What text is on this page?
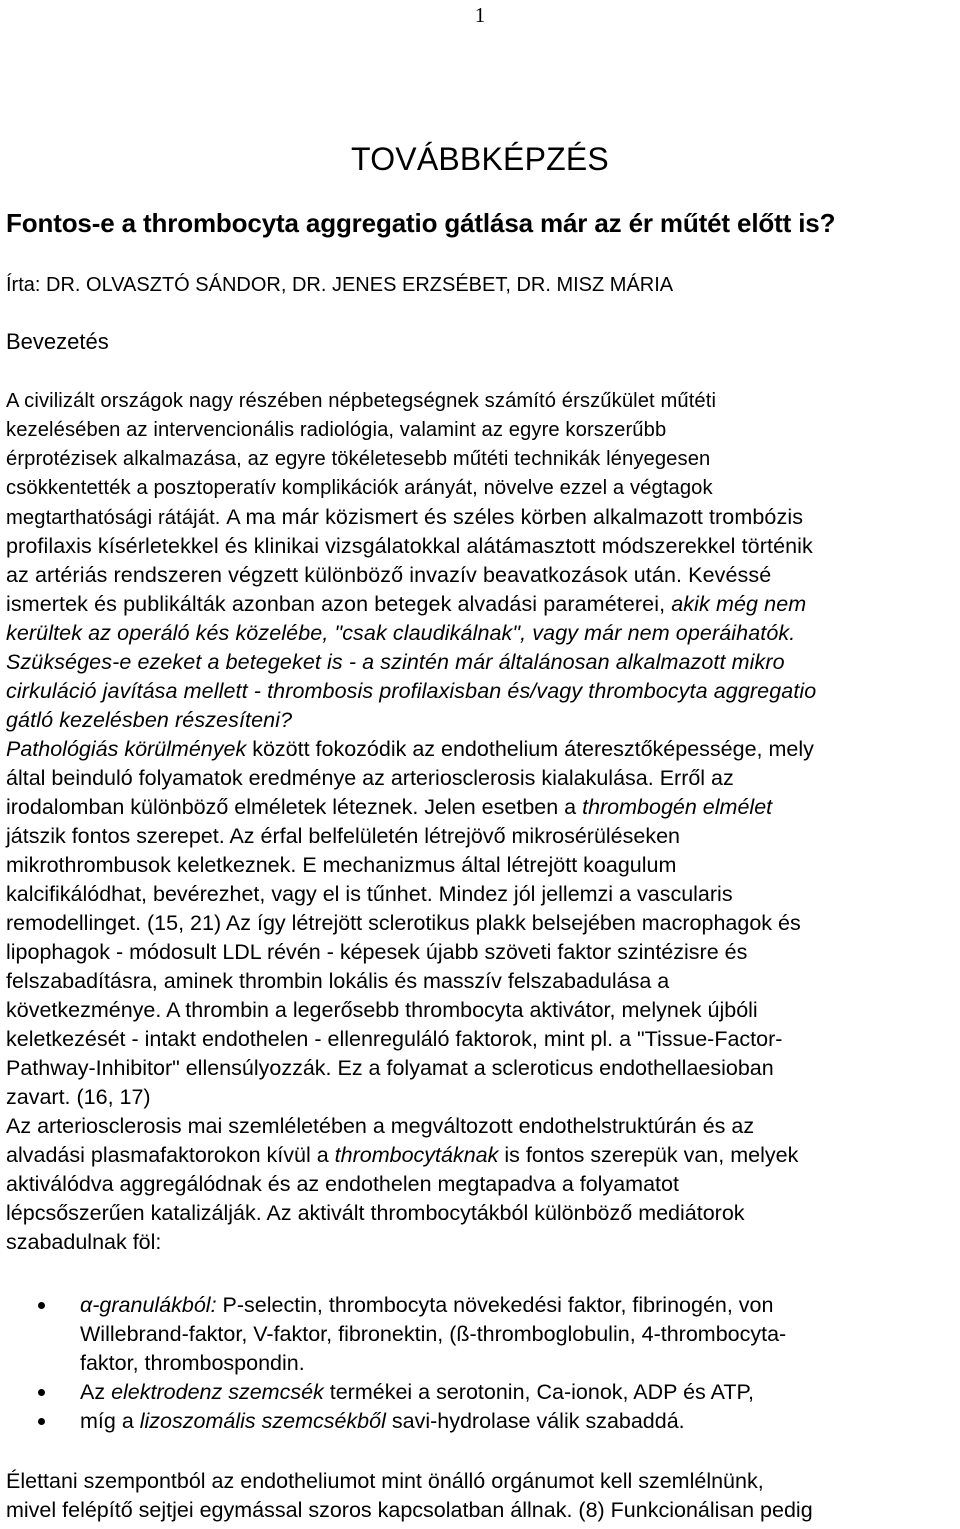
1
TOVÁBBKÉPZÉS
Fontos-e a thrombocyta aggregatio gátlása már az ér műtét előtt is?
Írta: DR. OLVASZTÓ SÁNDOR, DR. JENES ERZSÉBET, DR. MISZ MÁRIA
Bevezetés
A civilizált országok nagy részében népbetegségnek számító érszűkület műtéti
kezelésében az intervencionális radiológia, valamint az egyre korszerűbb
érprotézisek alkalmazása, az egyre tökéletesebb műtéti technikák lényegesen
csökkentették a posztoperatív komplikációk arányát, növelve ezzel a végtagok
megtarthatósági rátáját. A ma már közismert és széles körben alkalmazott trombózis
profilaxis kísérletekkel és klinikai vizsgálatokkal alátámasztott módszerekkel történik
az artériás rendszeren végzett különböző invazív beavatkozások után. Kevéssé
ismertek és publikálták azonban azon betegek alvadási paraméterei, akik még nem
kerültek az operáló kés közelébe, "csak claudikálnak", vagy már nem operáihatók.
Szükséges-e ezeket a betegeket is - a szintén már általánosan alkalmazott mikro
cirkuláció javítása mellett - thrombosis profilaxisban és/vagy thrombocyta aggregatio
gátló kezelésben részesíteni?
Pathológiás körülmények között fokozódik az endothelium áteresztőképessége, mely
által beinduló folyamatok eredménye az arteriosclerosis kialakulása. Erről az
irodalomban különböző elméletek léteznek. Jelen esetben a thrombogén elmélet
játszik fontos szerepet. Az érfal belfelületén létrejövő mikrosérüléseken
mikrothrombusok keletkeznek. E mechanizmus által létrejött koagulum
kalcifikálódhat, bevérezhet, vagy el is tűnhet. Mindez jól jellemzi a vascularis
remodellinget. (15, 21) Az így létrejött sclerotikus plakk belsejében macrophagok és
lipophagok - módosult LDL révén - képesek újabb szöveti faktor szintézisre és
felszabadításra, aminek thrombin lokális és masszív felszabadulása a
következménye. A thrombin a legerősebb thrombocyta aktivátor, melynek újbóli
keletkezését - intakt endothelen - ellenreguláló faktorok, mint pl. a "Tissue-Factor-
Pathway-Inhibitor" ellensúlyozzák. Ez a folyamat a scleroticus endothellaesioban
zavart. (16, 17)
Az arteriosclerosis mai szemléletében a megváltozott endothelstruktúrán és az
alvadási plasmafaktorokon kívül a thrombocytáknak is fontos szerepük van, melyek
aktiválódva aggregálódnak és az endothelen megtapadva a folyamatot
lépcsőszerűen katalizálják. Az aktivált thrombocytákból különböző mediátorok
szabadulnak föl:
α-granulákból: P-selectin, thrombocyta növekedési faktor, fibrinogén, von
Willebrand-faktor, V-faktor, fibronektin, (ß-thromboglobulin, 4-thrombocyta-
faktor, thrombospondin.
Az elektrodenz szemcsék termékei a serotonin, Ca-ionok, ADP és ATP,
míg a lizoszomális szemcsékből savi-hydrolase válik szabaddá.
Élettani szempontból az endotheliumot mint önálló orgánumot kell szemlélnünk,
mivel felépítő sejtjei egymással szoros kapcsolatban állnak. (8) Funkcionálisan pedig
